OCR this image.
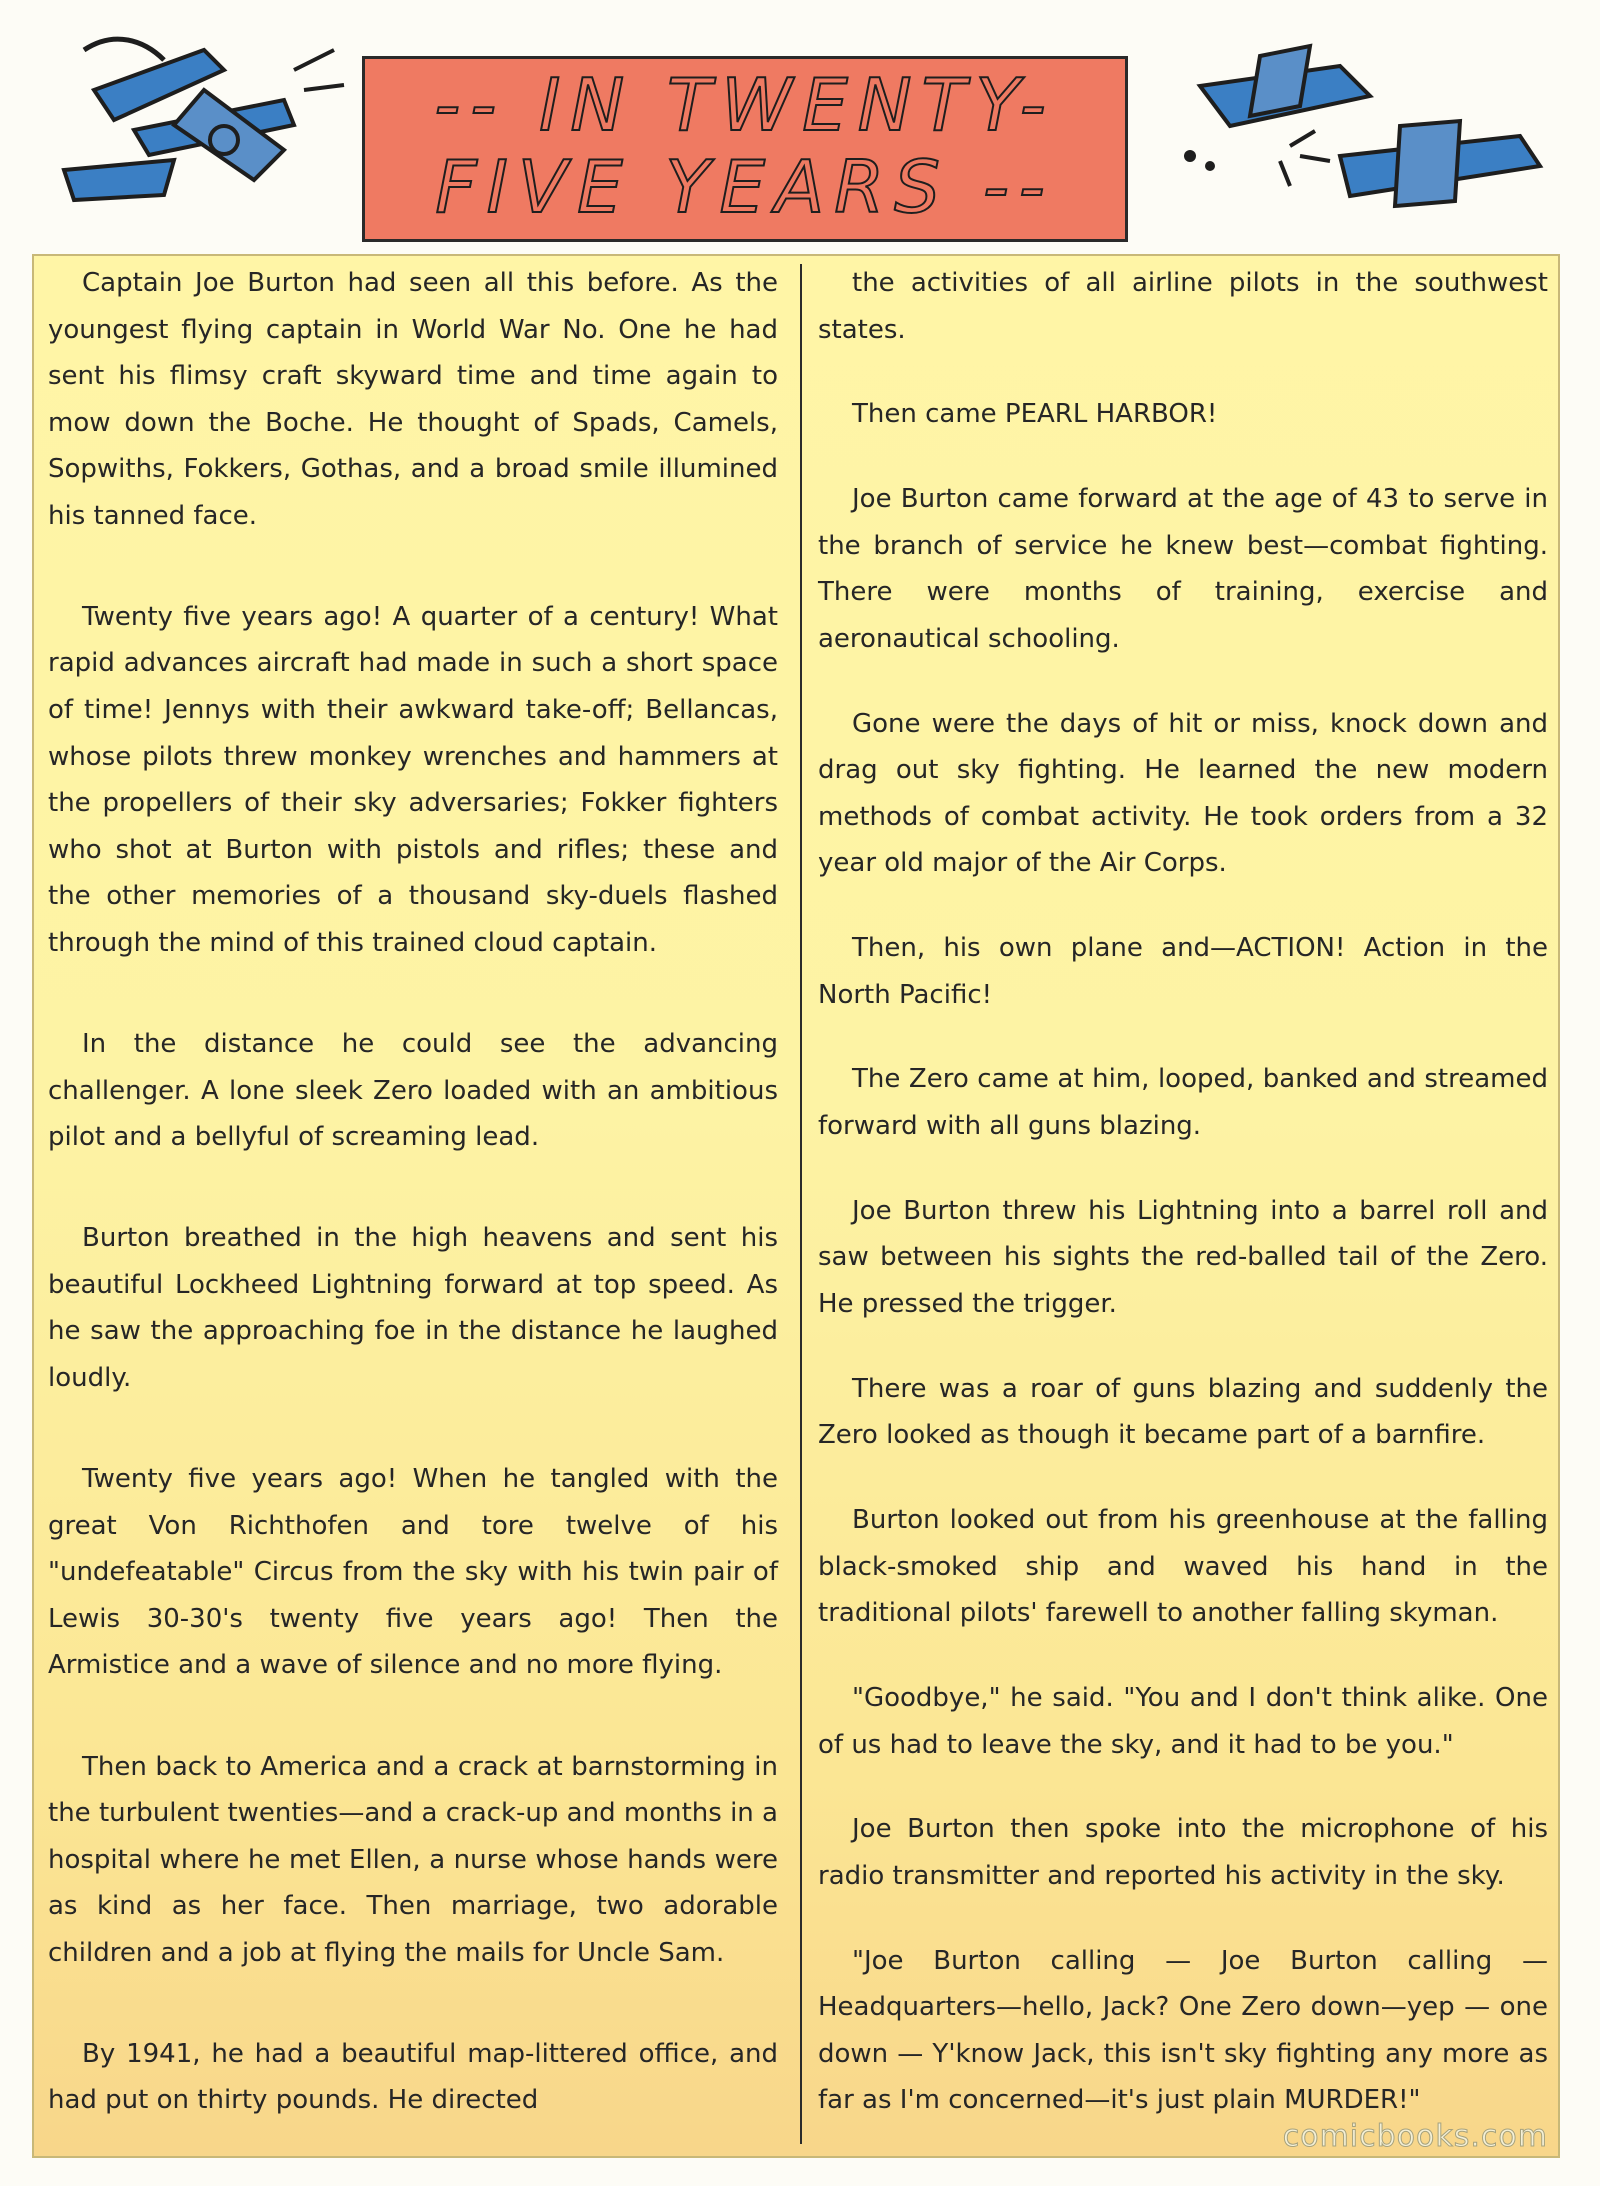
-- IN TWENTY-
FIVE YEARS --

Captain Joe Burton had seen all this before. As the youngest flying captain in World War No. One he had sent his flimsy craft skyward time and time again to mow down the Boche. He thought of Spads, Camels, Sopwiths, Fokkers, Gothas, and a broad smile illumined his tanned face.

Twenty five years ago! A quarter of a century! What rapid advances aircraft had made in such a short space of time! Jennys with their awkward take-off; Bellancas, whose pilots threw monkey wrenches and hammers at the propellers of their sky adversaries; Fokker fighters who shot at Burton with pistols and rifles; these and the other memories of a thousand sky-duels flashed through the mind of this trained cloud captain.

In the distance he could see the advancing challenger. A lone sleek Zero loaded with an ambitious pilot and a bellyful of screaming lead.

Burton breathed in the high heavens and sent his beautiful Lockheed Lightning forward at top speed. As he saw the approaching foe in the distance he laughed loudly.

Twenty five years ago! When he tangled with the great Von Richthofen and tore twelve of his "undefeatable" Circus from the sky with his twin pair of Lewis 30-30's twenty five years ago! Then the Armistice and a wave of silence and no more flying.

Then back to America and a crack at barnstorming in the turbulent twenties—and a crack-up and months in a hospital where he met Ellen, a nurse whose hands were as kind as her face. Then marriage, two adorable children and a job at flying the mails for Uncle Sam.

By 1941, he had a beautiful map-littered office, and had put on thirty pounds. He directed

the activities of all airline pilots in the southwest states.

Then came PEARL HARBOR!

Joe Burton came forward at the age of 43 to serve in the branch of service he knew best—combat fighting. There were months of training, exercise and aeronautical schooling.

Gone were the days of hit or miss, knock down and drag out sky fighting. He learned the new modern methods of combat activity. He took orders from a 32 year old major of the Air Corps.

Then, his own plane and—ACTION! Action in the North Pacific!

The Zero came at him, looped, banked and streamed forward with all guns blazing.

Joe Burton threw his Lightning into a barrel roll and saw between his sights the red-balled tail of the Zero. He pressed the trigger.

There was a roar of guns blazing and suddenly the Zero looked as though it became part of a barnfire.

Burton looked out from his greenhouse at the falling black-smoked ship and waved his hand in the traditional pilots' farewell to another falling skyman.

"Goodbye," he said. "You and I don't think alike. One of us had to leave the sky, and it had to be you."

Joe Burton then spoke into the microphone of his radio transmitter and reported his activity in the sky.

"Joe Burton calling — Joe Burton calling — Headquarters—hello, Jack? One Zero down—yep — one down — Y'know Jack, this isn't sky fighting any more as far as I'm concerned—it's just plain MURDER!"

comicbooks.com
